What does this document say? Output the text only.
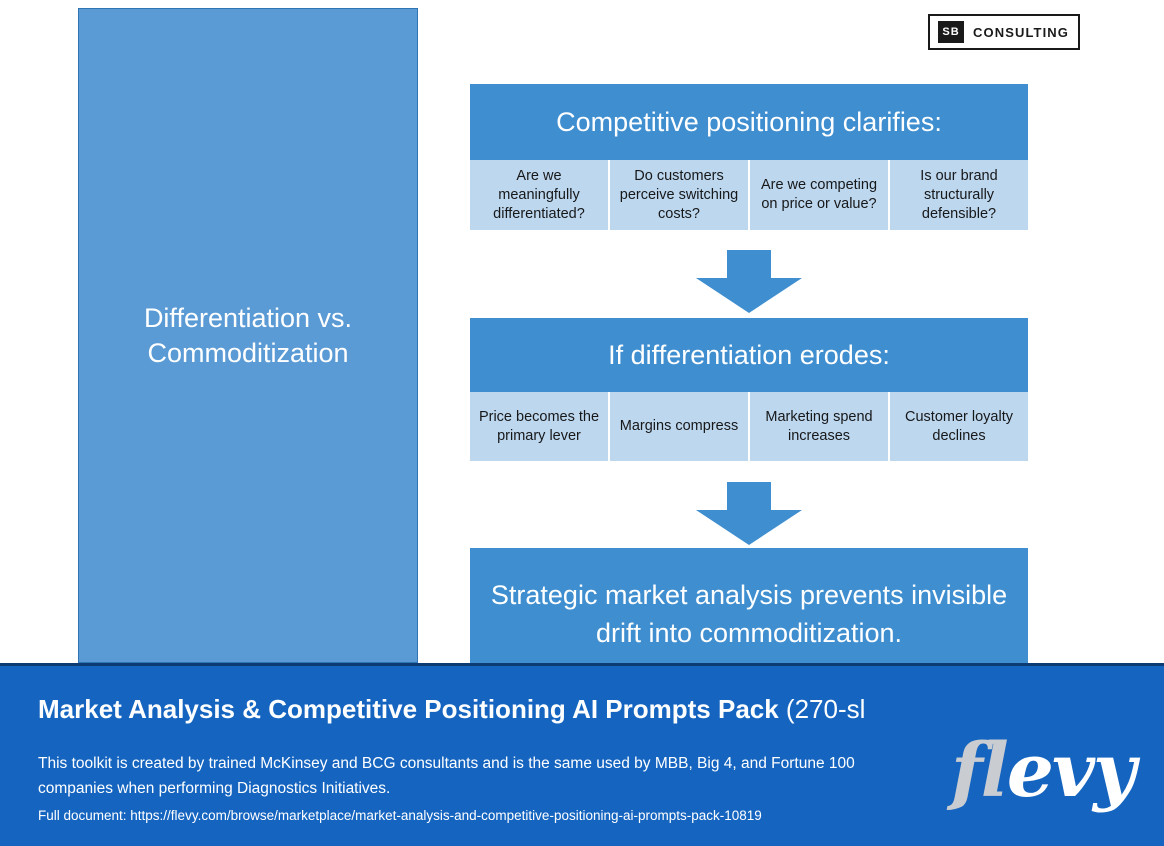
Differentiation vs. Commoditization
SB	CONSULTING
Competitive positioning clarifies:
Are we meaningfully differentiated?
Do customers perceive switching costs?
Are we competing on price or value?
Is our brand structurally defensible?
If differentiation erodes:
Price becomes the primary lever
Margins compress
Marketing spend increases
Customer loyalty declines
Strategic market analysis prevents invisible drift into commoditization.
Market Analysis & Competitive Positioning AI Prompts Pack (270-sl
This toolkit is created by trained McKinsey and BCG consultants and is the same used by MBB, Big 4, and Fortune 100 companies when performing Diagnostics Initiatives.
Full document: https://flevy.com/browse/marketplace/market-analysis-and-competitive-positioning-ai-prompts-pack-10819
flevy
